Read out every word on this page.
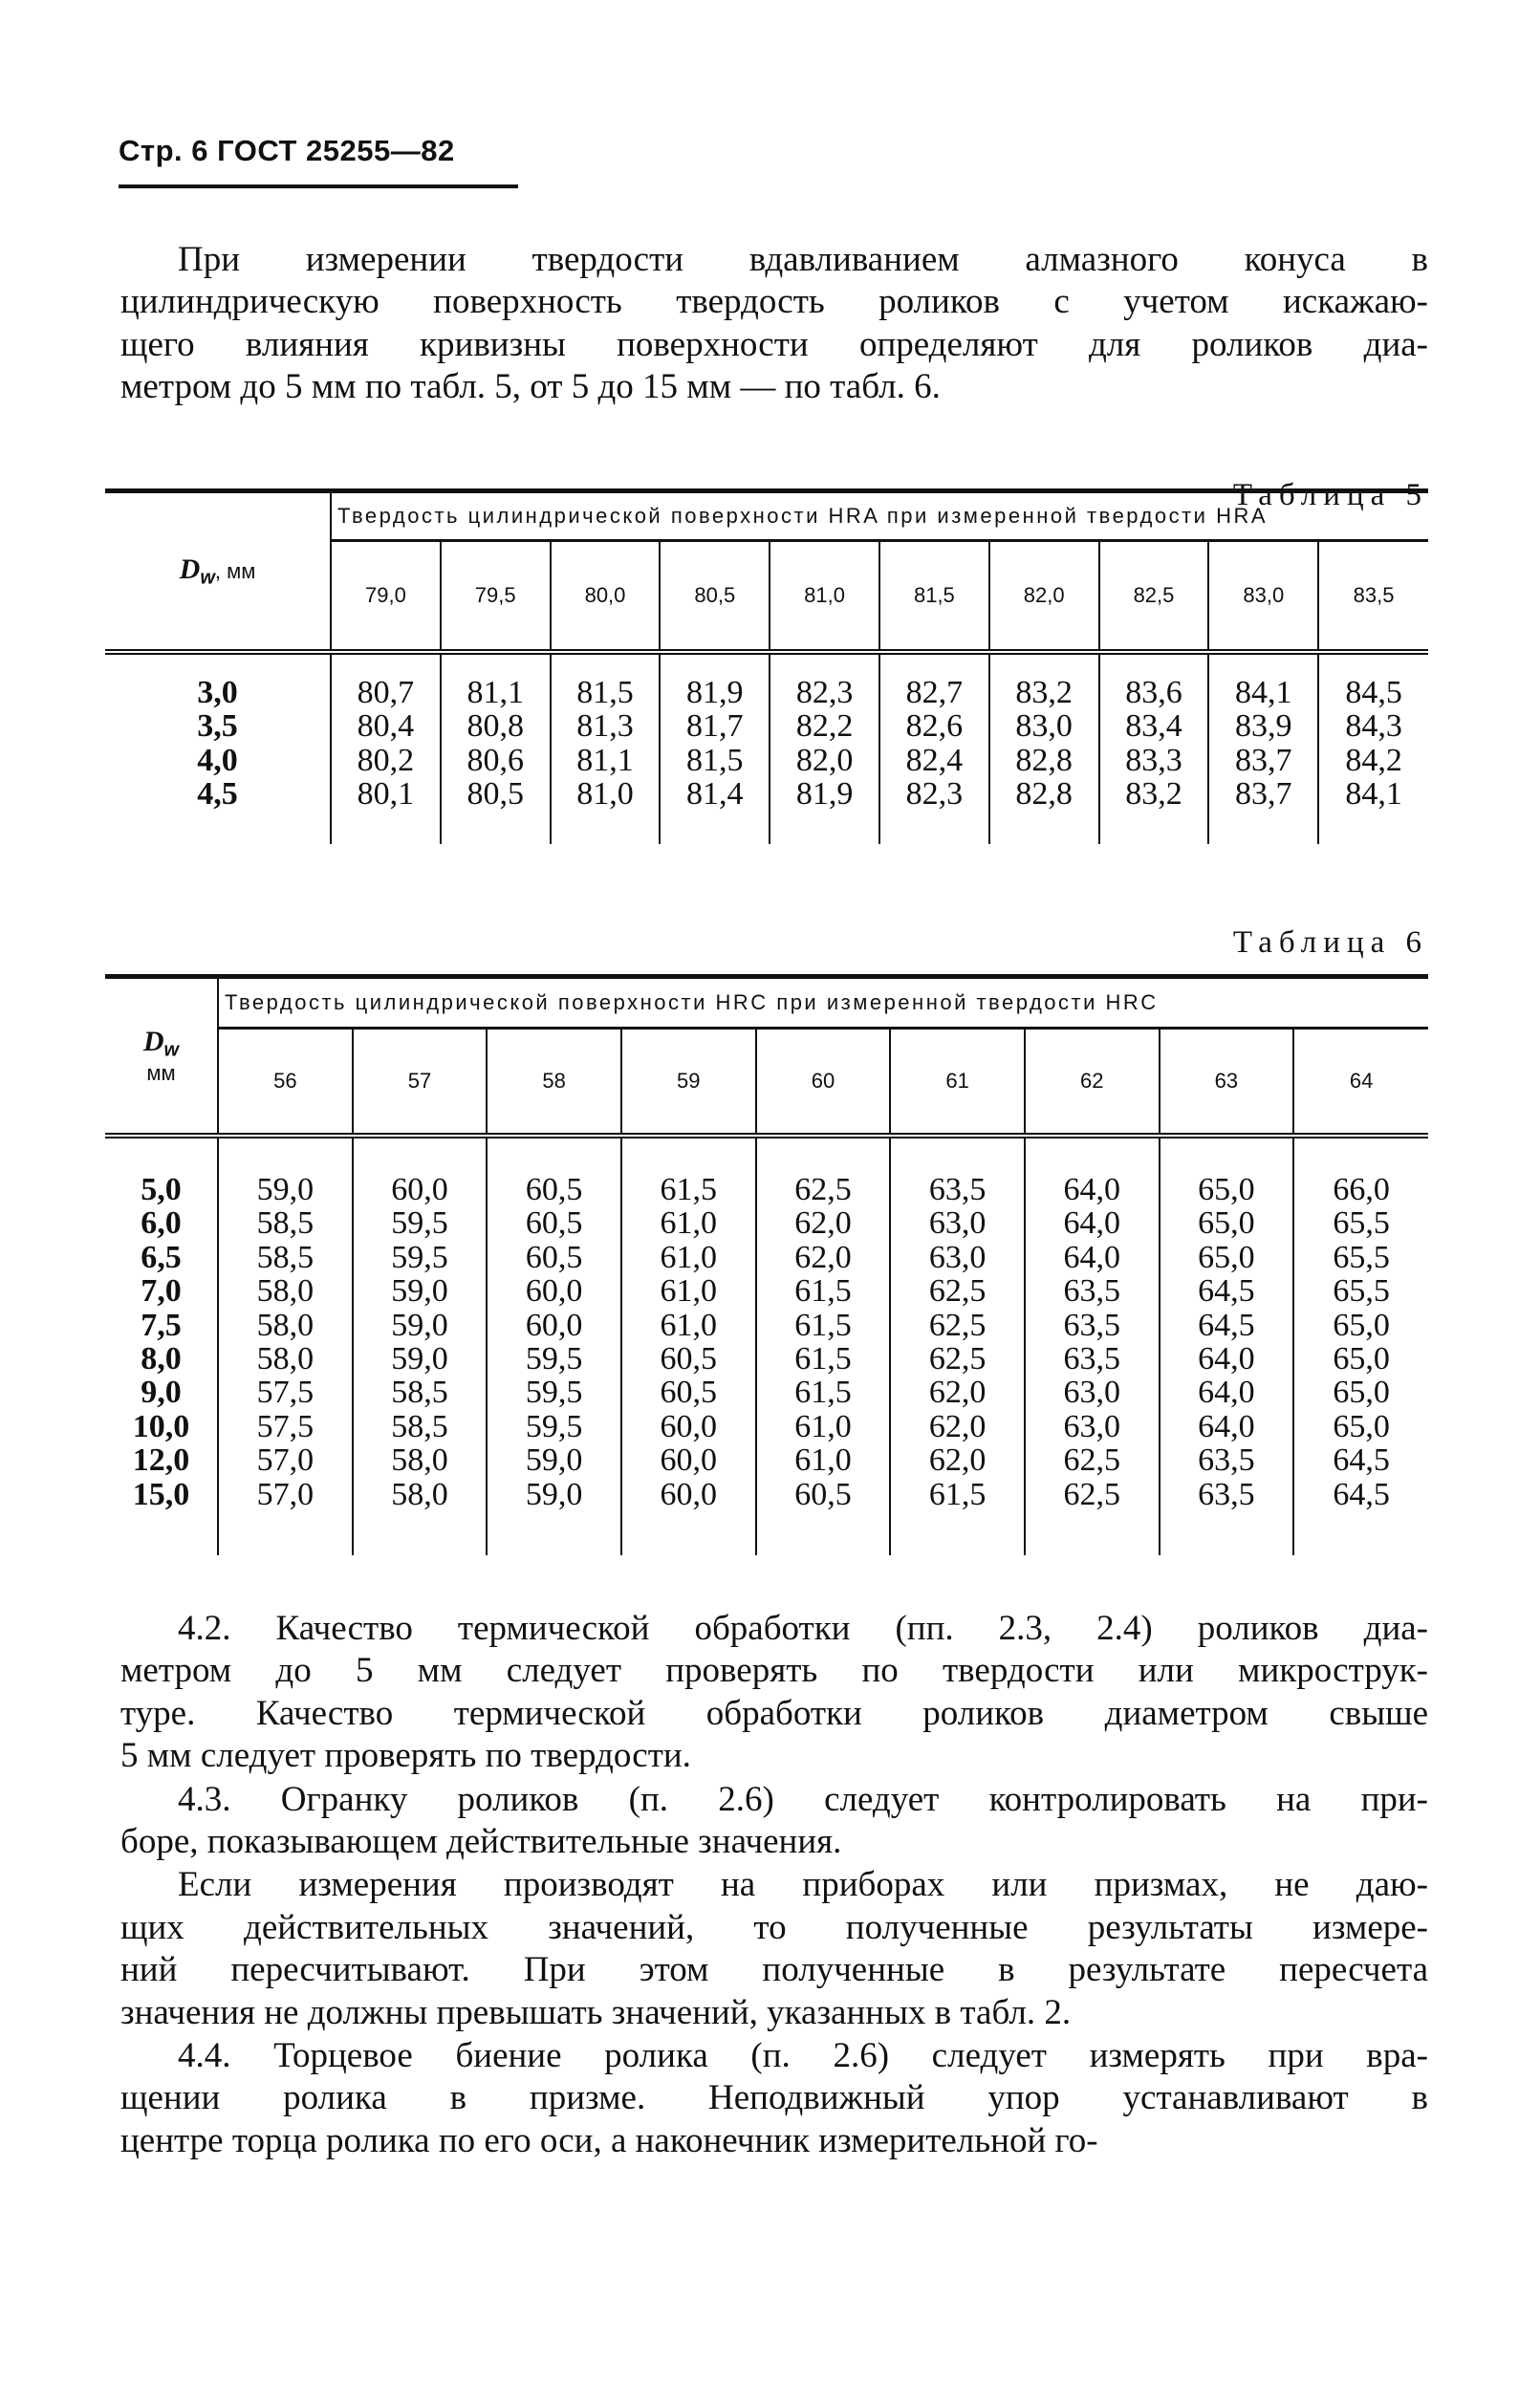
Стр. 6 ГОСТ 25255—82
При измерении твердости вдавливанием алмазного конуса в
цилиндрическую поверхность твердость роликов с учетом искажаю-
щего влияния кривизны поверхности определяют для роликов диа-
метром до 5 мм по табл. 5, от 5 до 15 мм — по табл. 6.
Таблица 5
$D_w$, мм	Твердость цилиндрической поверхности HRA при измеренной твердости HRA									
	79,0	79,5	80,0	80,5	81,0	81,5	82,0	82,5	83,0	83,5
3,0	80,7	81,1	81,5	81,9	82,3	82,7	83,2	83,6	84,1	84,5
3,5	80,4	80,8	81,3	81,7	82,2	82,6	83,0	83,4	83,9	84,3
4,0	80,2	80,6	81,1	81,5	82,0	82,4	82,8	83,3	83,7	84,2
4,5	80,1	80,5	81,0	81,4	81,9	82,3	82,8	83,2	83,7	84,1
Таблица 6
$D_w$
мм	Твердость цилиндрической поверхности HRC при измеренной твердости HRC								
	56	57	58	59	60	61	62	63	64
5,0	59,0	60,0	60,5	61,5	62,5	63,5	64,0	65,0	66,0
6,0	58,5	59,5	60,5	61,0	62,0	63,0	64,0	65,0	65,5
6,5	58,5	59,5	60,5	61,0	62,0	63,0	64,0	65,0	65,5
7,0	58,0	59,0	60,0	61,0	61,5	62,5	63,5	64,5	65,5
7,5	58,0	59,0	60,0	61,0	61,5	62,5	63,5	64,5	65,0
8,0	58,0	59,0	59,5	60,5	61,5	62,5	63,5	64,0	65,0
9,0	57,5	58,5	59,5	60,5	61,5	62,0	63,0	64,0	65,0
10,0	57,5	58,5	59,5	60,0	61,0	62,0	63,0	64,0	65,0
12,0	57,0	58,0	59,0	60,0	61,0	62,0	62,5	63,5	64,5
15,0	57,0	58,0	59,0	60,0	60,5	61,5	62,5	63,5	64,5
4.2. Качество термической обработки (пп. 2.3, 2.4) роликов диа-
метром до 5 мм следует проверять по твердости или микрострук-
туре. Качество термической обработки роликов диаметром свыше
5 мм следует проверять по твердости.
4.3. Огранку роликов (п. 2.6) следует контролировать на при-
боре, показывающем действительные значения.
Если измерения производят на приборах или призмах, не даю-
щих действительных значений, то полученные результаты измере-
ний пересчитывают. При этом полученные в результате пересчета
значения не должны превышать значений, указанных в табл. 2.
4.4. Торцевое биение ролика (п. 2.6) следует измерять при вра-
щении ролика в призме. Неподвижный упор устанавливают в
центре торца ролика по его оси, а наконечник измерительной го-
